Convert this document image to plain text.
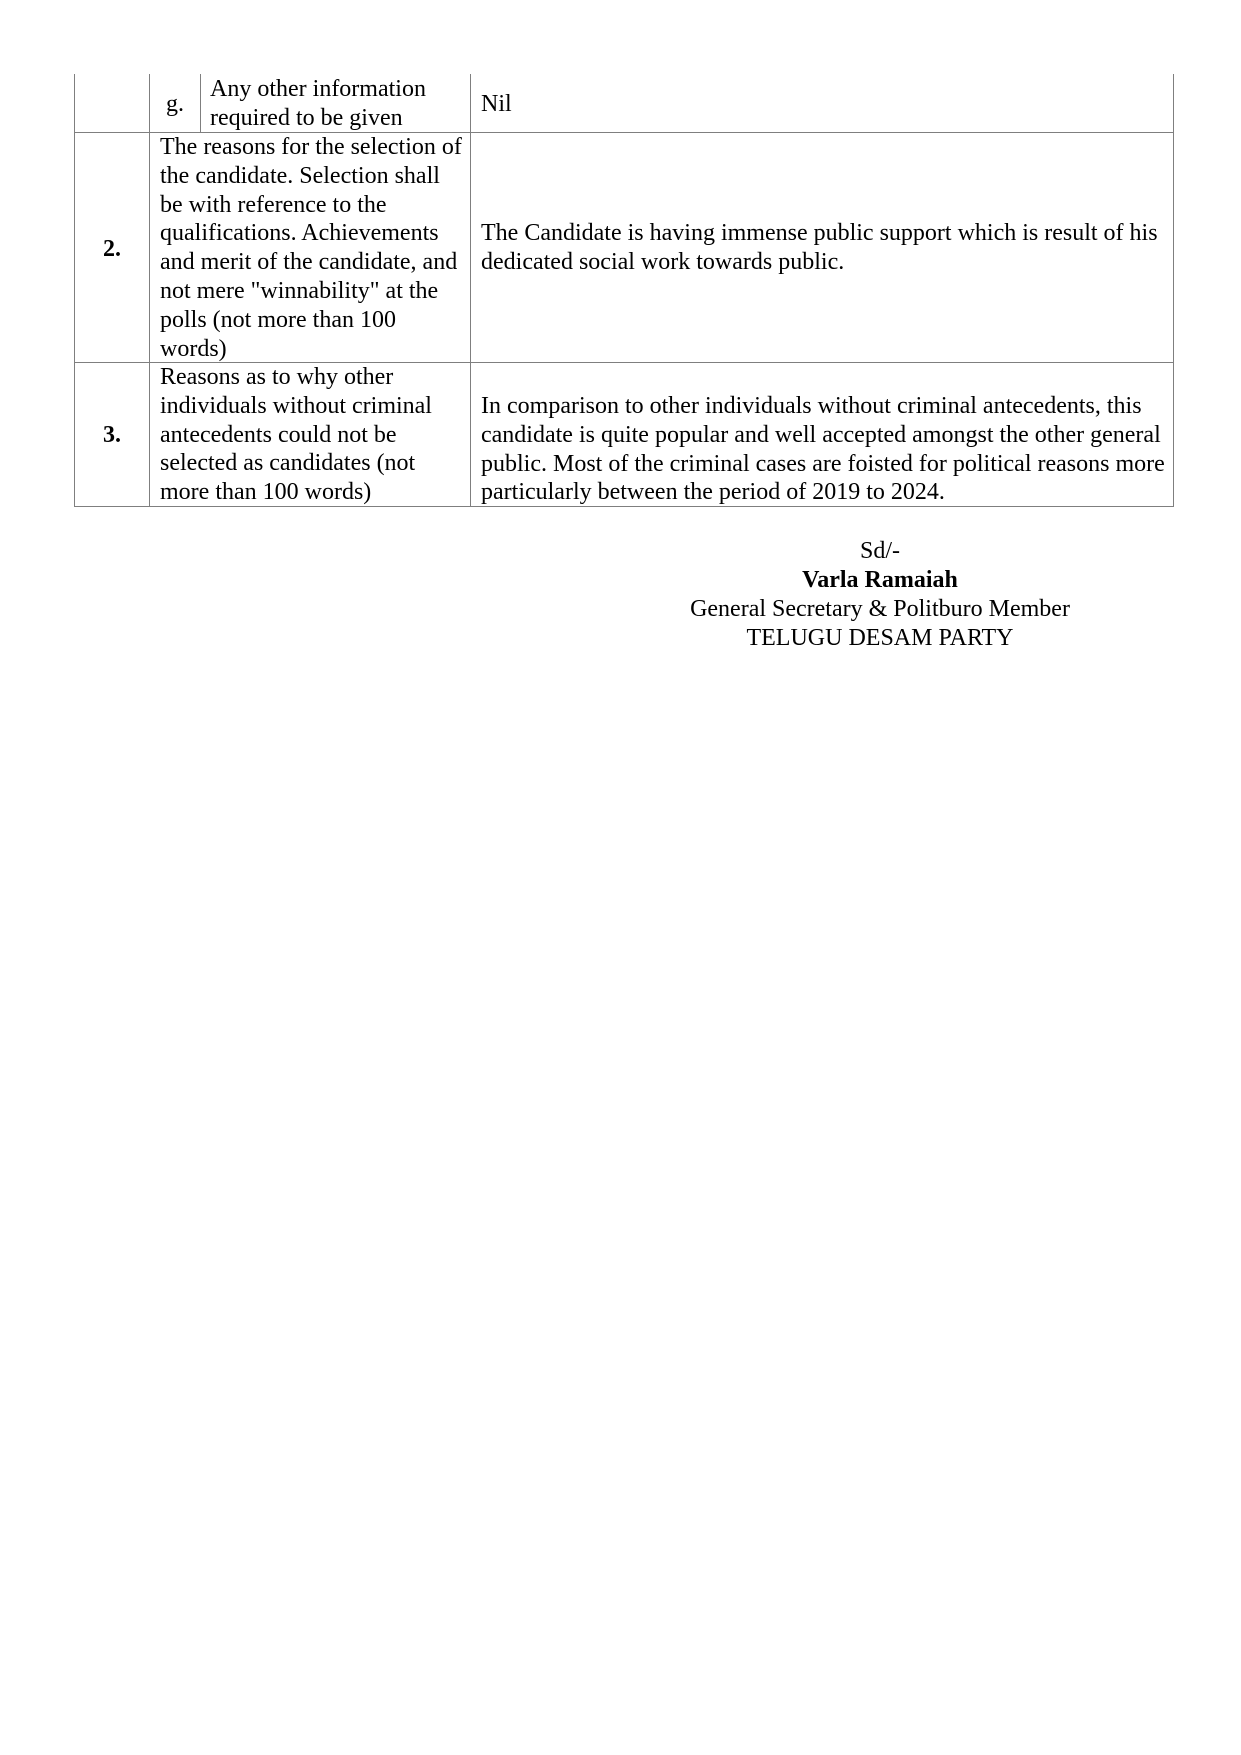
g.
Any other information required to be given
Nil
2.
The reasons for the selection of the candidate. Selection shall be with reference to the qualifications. Achievements and merit of the candidate, and not mere "winnability" at the polls (not more than 100 words)
The Candidate is having immense public support which is result of his dedicated social work towards public.
3.
Reasons as to why other individuals without criminal antecedents could not be selected as candidates (not more than 100 words)
In comparison to other individuals without criminal antecedents, this candidate is quite popular and well accepted amongst the other general public. Most of the criminal cases are foisted for political reasons more particularly between the period of 2019 to 2024.
Sd/-
Varla Ramaiah
General Secretary & Politburo Member
TELUGU DESAM PARTY
